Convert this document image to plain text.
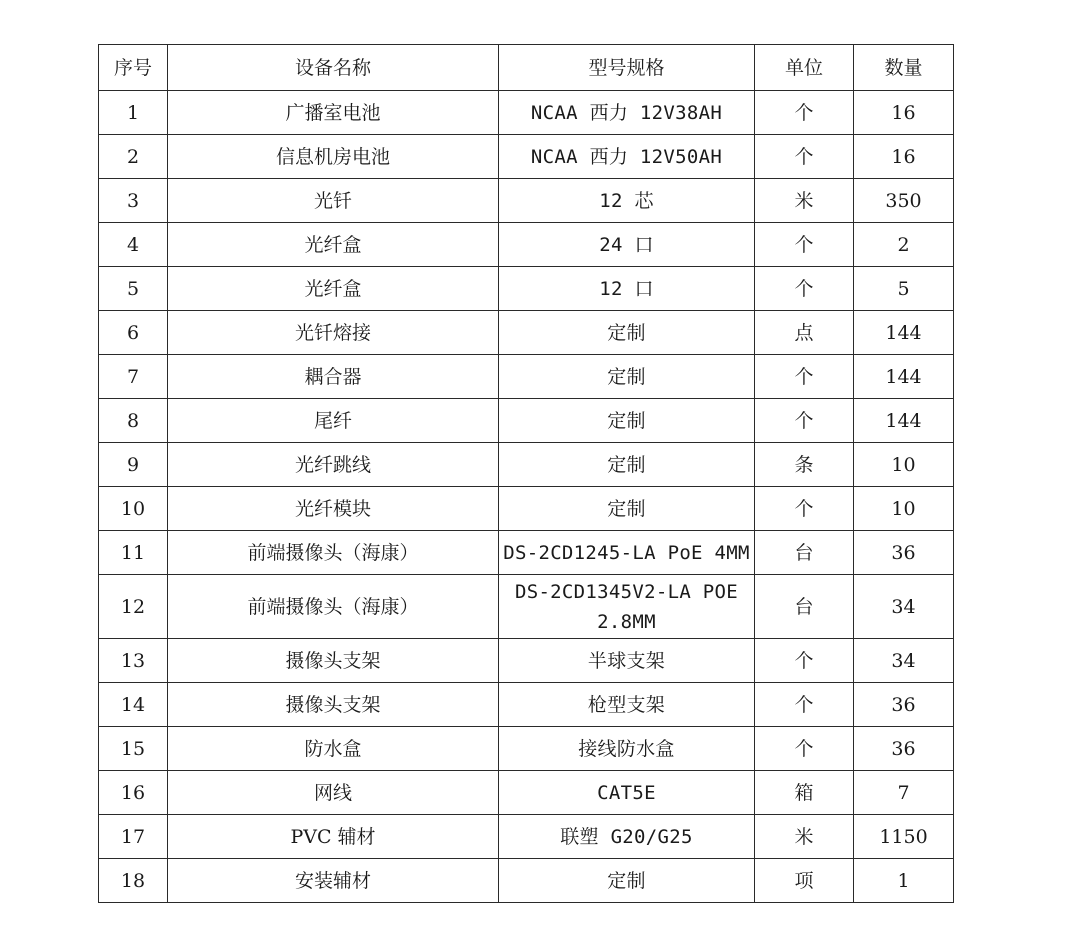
序号	设备名称	型号规格	单位	数量
1	广播室电池	NCAA 西力 12V38AH	个	16
2	信息机房电池	NCAA 西力 12V50AH	个	16
3	光钎	12 芯	米	350
4	光纤盒	24 口	个	2
5	光纤盒	12 口	个	5
6	光钎熔接	定制	点	144
7	耦合器	定制	个	144
8	尾纤	定制	个	144
9	光纤跳线	定制	条	10
10	光纤模块	定制	个	10
11	前端摄像头（海康）	DS-2CD1245-LA PoE 4MM	台	36
12	前端摄像头（海康）	DS-2CD1345V2-LA POE 2.8MM	台	34
13	摄像头支架	半球支架	个	34
14	摄像头支架	枪型支架	个	36
15	防水盒	接线防水盒	个	36
16	网线	CAT5E	箱	7
17	PVC 辅材	联塑 G20/G25	米	1150
18	安装辅材	定制	项	1
